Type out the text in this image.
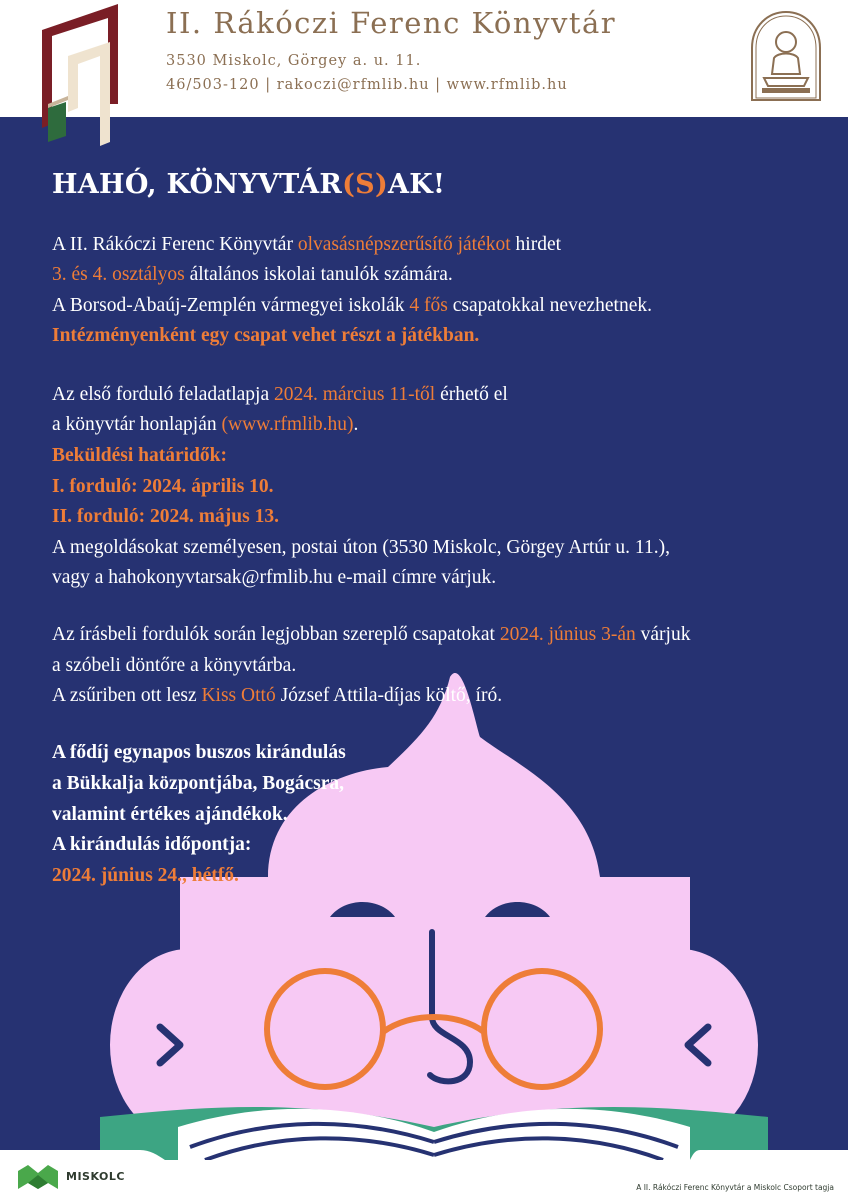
HAHÓ, KÖNYVTÁR(S)AK!
A II. Rákóczi Ferenc Könyvtár olvasásnépszerűsítő játékot hirdet
3. és 4. osztályos általános iskolai tanulók számára.
A Borsod-Abaúj-Zemplén vármegyei iskolák 4 fős csapatokkal nevezhetnek.
Intézményenként egy csapat vehet részt a játékban.
Az első forduló feladatlapja 2024. március 11-től érhető el
a könyvtár honlapján (www.rfmlib.hu).
Beküldési határidők:
I. forduló: 2024. április 10.
II. forduló: 2024. május 13.
A megoldásokat személyesen, postai úton (3530 Miskolc, Görgey Artúr u. 11.),
vagy a hahokonyvtarsak@rfmlib.hu e-mail címre várjuk.
Az írásbeli fordulók során legjobban szereplő csapatokat 2024. június 3-án várjuk
a szóbeli döntőre a könyvtárba.
A zsűriben ott lesz Kiss Ottó József Attila-díjas költő, író.
A fődíj egynapos buszos kirándulás
a Bükkalja központjába, Bogácsra,
valamint értékes ajándékok.
A kirándulás időpontja:
2024. június 24., hétfő.
II. Rákóczi Ferenc Könyvtár
3530 Miskolc, Görgey a. u. 11.
46/503-120 | rakoczi@rfmlib.hu | www.rfmlib.hu
MISKOLC
A II. Rákóczi Ferenc Könyvtár a Miskolc Csoport tagja
